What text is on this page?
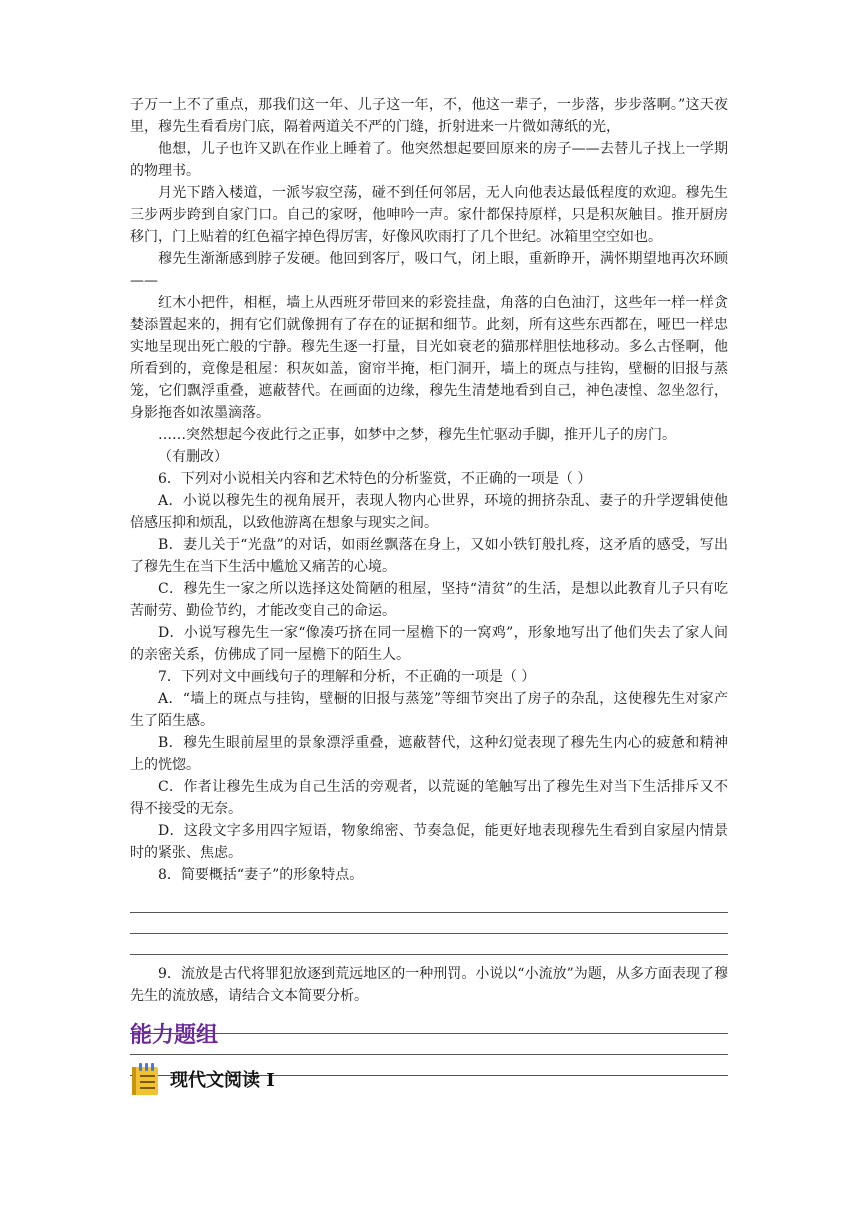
子万一上不了重点，那我们这一年、儿子这一年，不，他这一辈子，一步落，步步落啊。”这天夜里，穆先生看看房门底，隔着两道关不严的门缝，折射进来一片微如薄纸的光，

他想，儿子也许又趴在作业上睡着了。他突然想起要回原来的房子——去替儿子找上一学期的物理书。

月光下踏入楼道，一派岑寂空荡，碰不到任何邻居，无人向他表达最低程度的欢迎。穆先生三步两步跨到自家门口。自己的家呀，他呻吟一声。家什都保持原样，只是积灰触目。推开厨房移门，门上贴着的红色福字掉色得厉害，好像风吹雨打了几个世纪。冰箱里空空如也。

穆先生渐渐感到脖子发硬。他回到客厅，吸口气，闭上眼，重新睁开，满怀期望地再次环顾——

红木小把件，相框，墙上从西班牙带回来的彩瓷挂盘，角落的白色油汀，这些年一样一样贪婪添置起来的，拥有它们就像拥有了存在的证据和细节。此刻，所有这些东西都在，哑巴一样忠实地呈现出死亡般的宁静。穆先生逐一打量，目光如衰老的猫那样胆怯地移动。多么古怪啊，他所看到的，竟像是租屋：积灰如盖，窗帘半掩，柜门洞开，墙上的斑点与挂钩，壁橱的旧报与蒸笼，它们飘浮重叠，遮蔽替代。在画面的边缘，穆先生清楚地看到自己，神色凄惶、忽坐忽行，身影拖沓如浓墨滴落。

……突然想起今夜此行之正事，如梦中之梦，穆先生忙驱动手脚，推开儿子的房门。

（有删改）

6．下列对小说相关内容和艺术特色的分析鉴赏，不正确的一项是（ ）

A．小说以穆先生的视角展开，表现人物内心世界，环境的拥挤杂乱、妻子的升学逻辑使他倍感压抑和烦乱，以致他游离在想象与现实之间。

B．妻儿关于“光盘”的对话，如雨丝飘落在身上，又如小铁钉般扎疼，这矛盾的感受，写出了穆先生在当下生活中尴尬又痛苦的心境。

C．穆先生一家之所以选择这处简陋的租屋，坚持“清贫”的生活，是想以此教育儿子只有吃苦耐劳、勤俭节约，才能改变自己的命运。

D．小说写穆先生一家“像凑巧挤在同一屋檐下的一窝鸡”，形象地写出了他们失去了家人间的亲密关系，仿佛成了同一屋檐下的陌生人。

7．下列对文中画线句子的理解和分析，不正确的一项是（ ）

A．“墙上的斑点与挂钩，壁橱的旧报与蒸笼”等细节突出了房子的杂乱，这使穆先生对家产生了陌生感。

B．穆先生眼前屋里的景象漂浮重叠，遮蔽替代，这种幻觉表现了穆先生内心的疲惫和精神上的恍惚。

C．作者让穆先生成为自己生活的旁观者，以荒诞的笔触写出了穆先生对当下生活排斥又不得不接受的无奈。

D．这段文字多用四字短语，物象绵密、节奏急促，能更好地表现穆先生看到自家屋内情景时的紧张、焦虑。

8．简要概括“妻子”的形象特点。

9．流放是古代将罪犯放逐到荒远地区的一种刑罚。小说以“小流放”为题，从多方面表现了穆先生的流放感，请结合文本简要分析。

能力题组
现代文阅读 I
